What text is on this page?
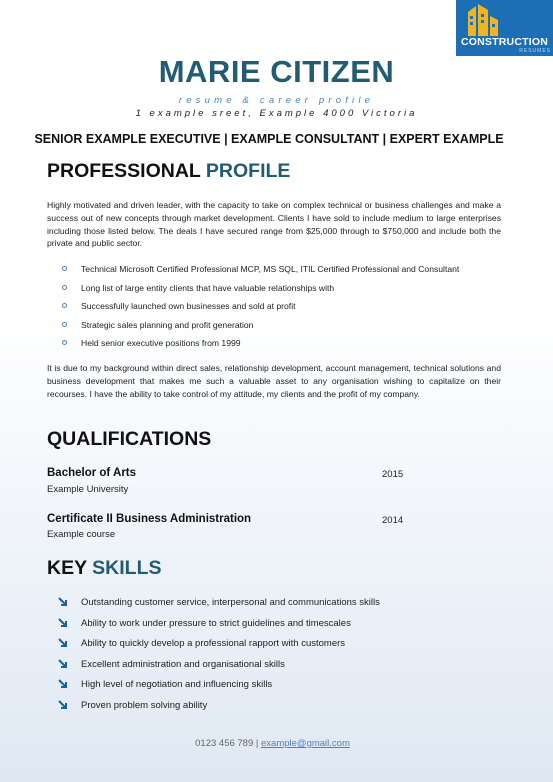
CONSTRUCTION
RESUMES
MARIE CITIZEN
resume & career profile
1 example sreet, Example 4000 Victoria
SENIOR EXAMPLE EXECUTIVE | EXAMPLE CONSULTANT | EXPERT EXAMPLE
PROFESSIONAL PROFILE
Highly motivated and driven leader, with the capacity to take on complex technical or business challenges and make a success out of new concepts through market development. Clients I have sold to include medium to large enterprises including those listed below. The deals I have secured range from $25,000 through to $750,000 and include both the private and public sector.
Technical Microsoft Certified Professional MCP, MS SQL, ITIL Certified Professional and Consultant
Long list of large entity clients that have valuable relationships with
Successfully launched own businesses and sold at profit
Strategic sales planning and profit generation
Held senior executive positions from 1999
It is due to my background within direct sales, relationship development, account management, technical solutions and business development that makes me such a valuable asset to any organisation wishing to capitalize on their recourses. I have the ability to take control of my attitude, my clients and the profit of my company.
QUALIFICATIONS
Bachelor of Arts	2015
Example University
Certificate II Business Administration	2014
Example course
KEY SKILLS
Outstanding customer service, interpersonal and communications skills
Ability to work under pressure to strict guidelines and timescales
Ability to quickly develop a professional rapport with customers
Excellent administration and organisational skills
High level of negotiation and influencing skills
Proven problem solving ability
0123 456 789 | example@gmail.com
